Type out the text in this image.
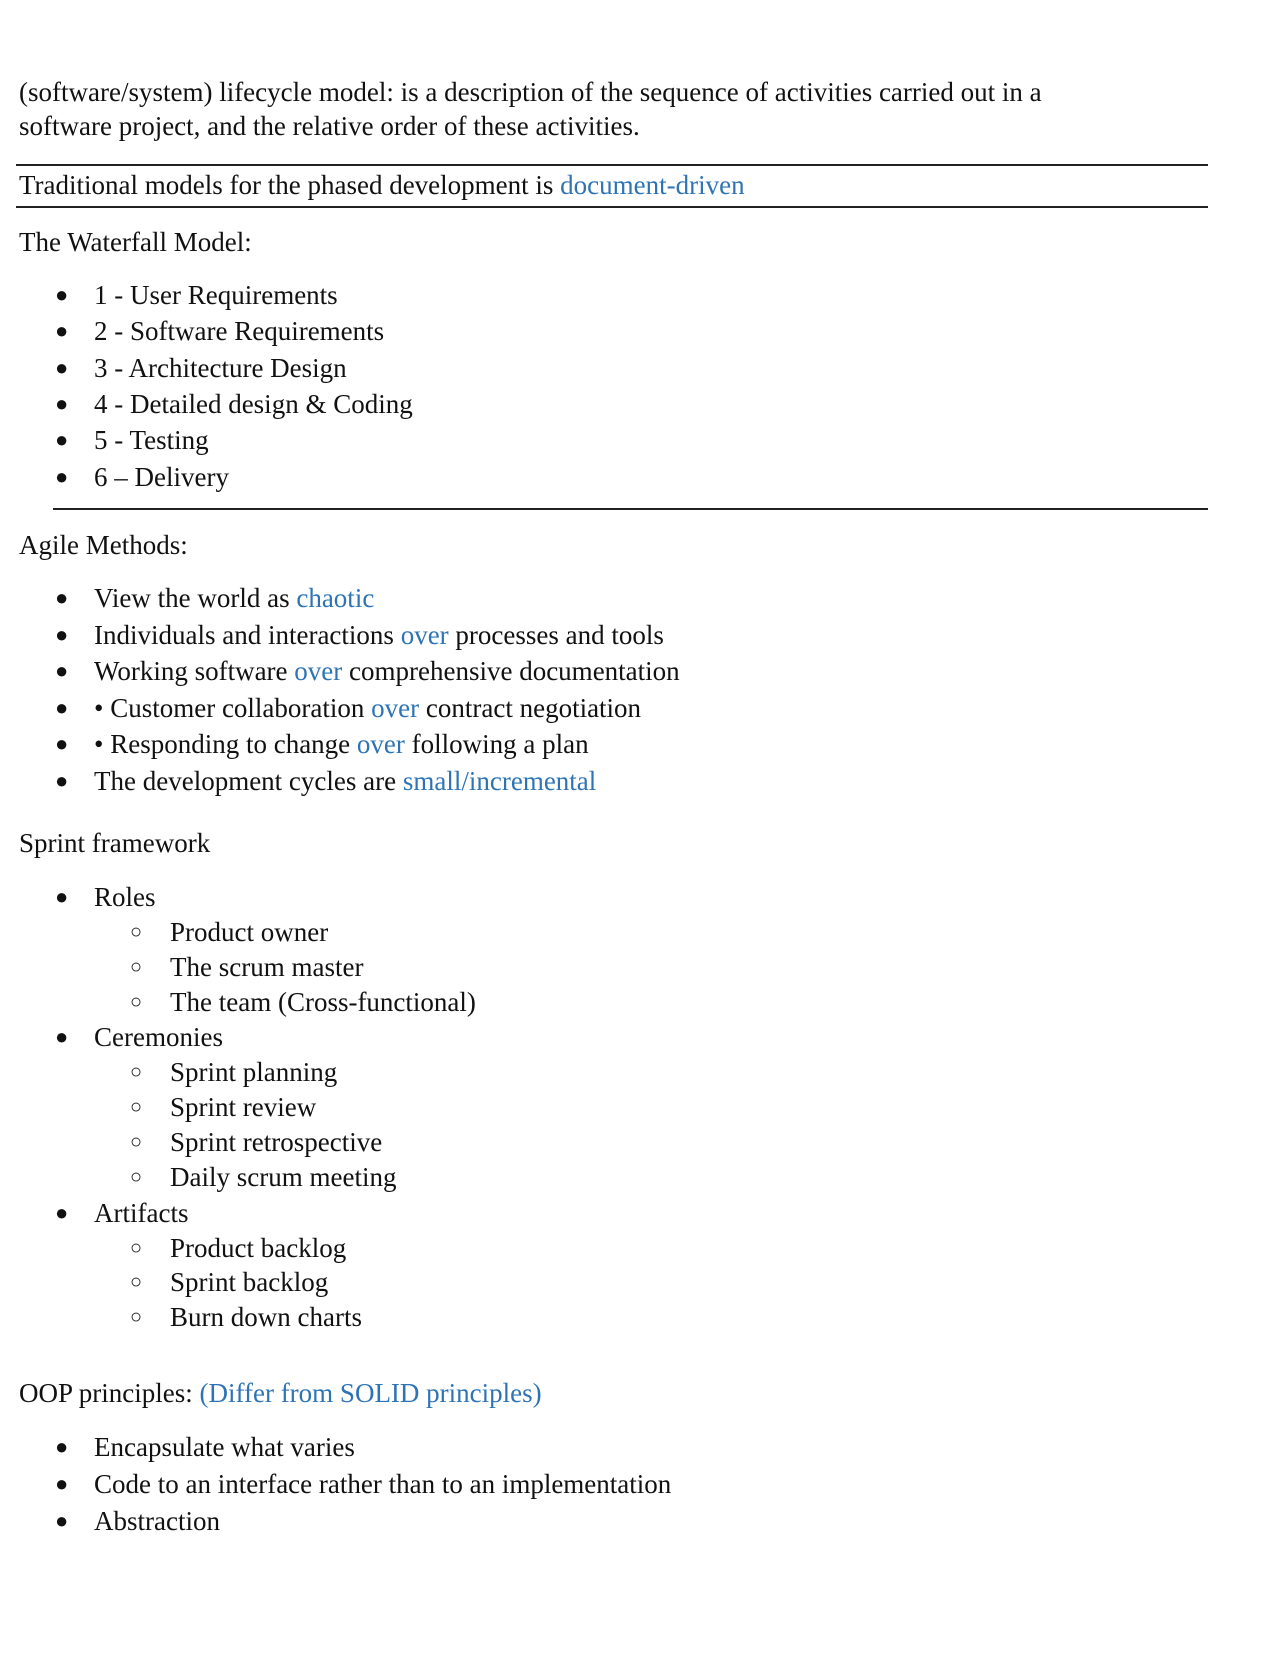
(software/system) lifecycle model: is a description of the sequence of activities carried out in a
software project, and the relative order of these activities.
Traditional models for the phased development is document-driven
The Waterfall Model:
● 1 - User Requirements
● 2 - Software Requirements
● 3 - Architecture Design
● 4 - Detailed design & Coding
● 5 - Testing
● 6 – Delivery
Agile Methods:
● View the world as chaotic
● Individuals and interactions over processes and tools
● Working software over comprehensive documentation
● • Customer collaboration over contract negotiation
● • Responding to change over following a plan
● The development cycles are small/incremental
Sprint framework
● Roles
○ Product owner
○ The scrum master
○ The team (Cross-functional)
● Ceremonies
○ Sprint planning
○ Sprint review
○ Sprint retrospective
○ Daily scrum meeting
● Artifacts
○ Product backlog
○ Sprint backlog
○ Burn down charts
OOP principles: (Differ from SOLID principles)
● Encapsulate what varies
● Code to an interface rather than to an implementation
● Abstraction
